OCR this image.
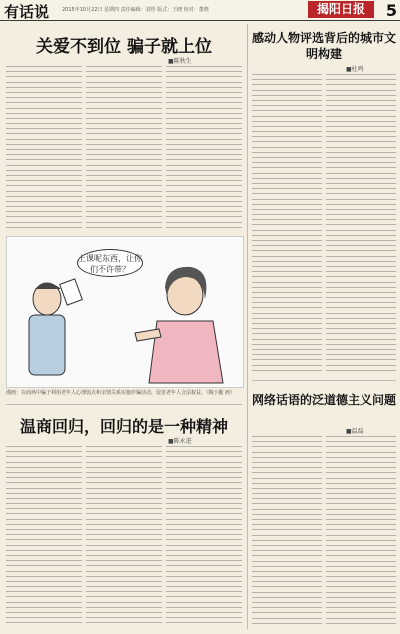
有话说	2015年10月22日 星期四 责任编辑：刘彤 版式：王晓 校对：董晓	揭阳日报	5
关爱不到位 骗子就上位
■陈秋生
上课呢东西，让你们不许带？
漫画：在商场中骗子利用老年人心理弱点和亲情关系实施诈骗活动，侵害老年人合法权益。（陶小勤 画）
温商回归，回归的是一种精神
■陈永进
感动人物评选背后的城市文明构建
■杜鸣
网络话语的泛道德主义问题
■温磊
